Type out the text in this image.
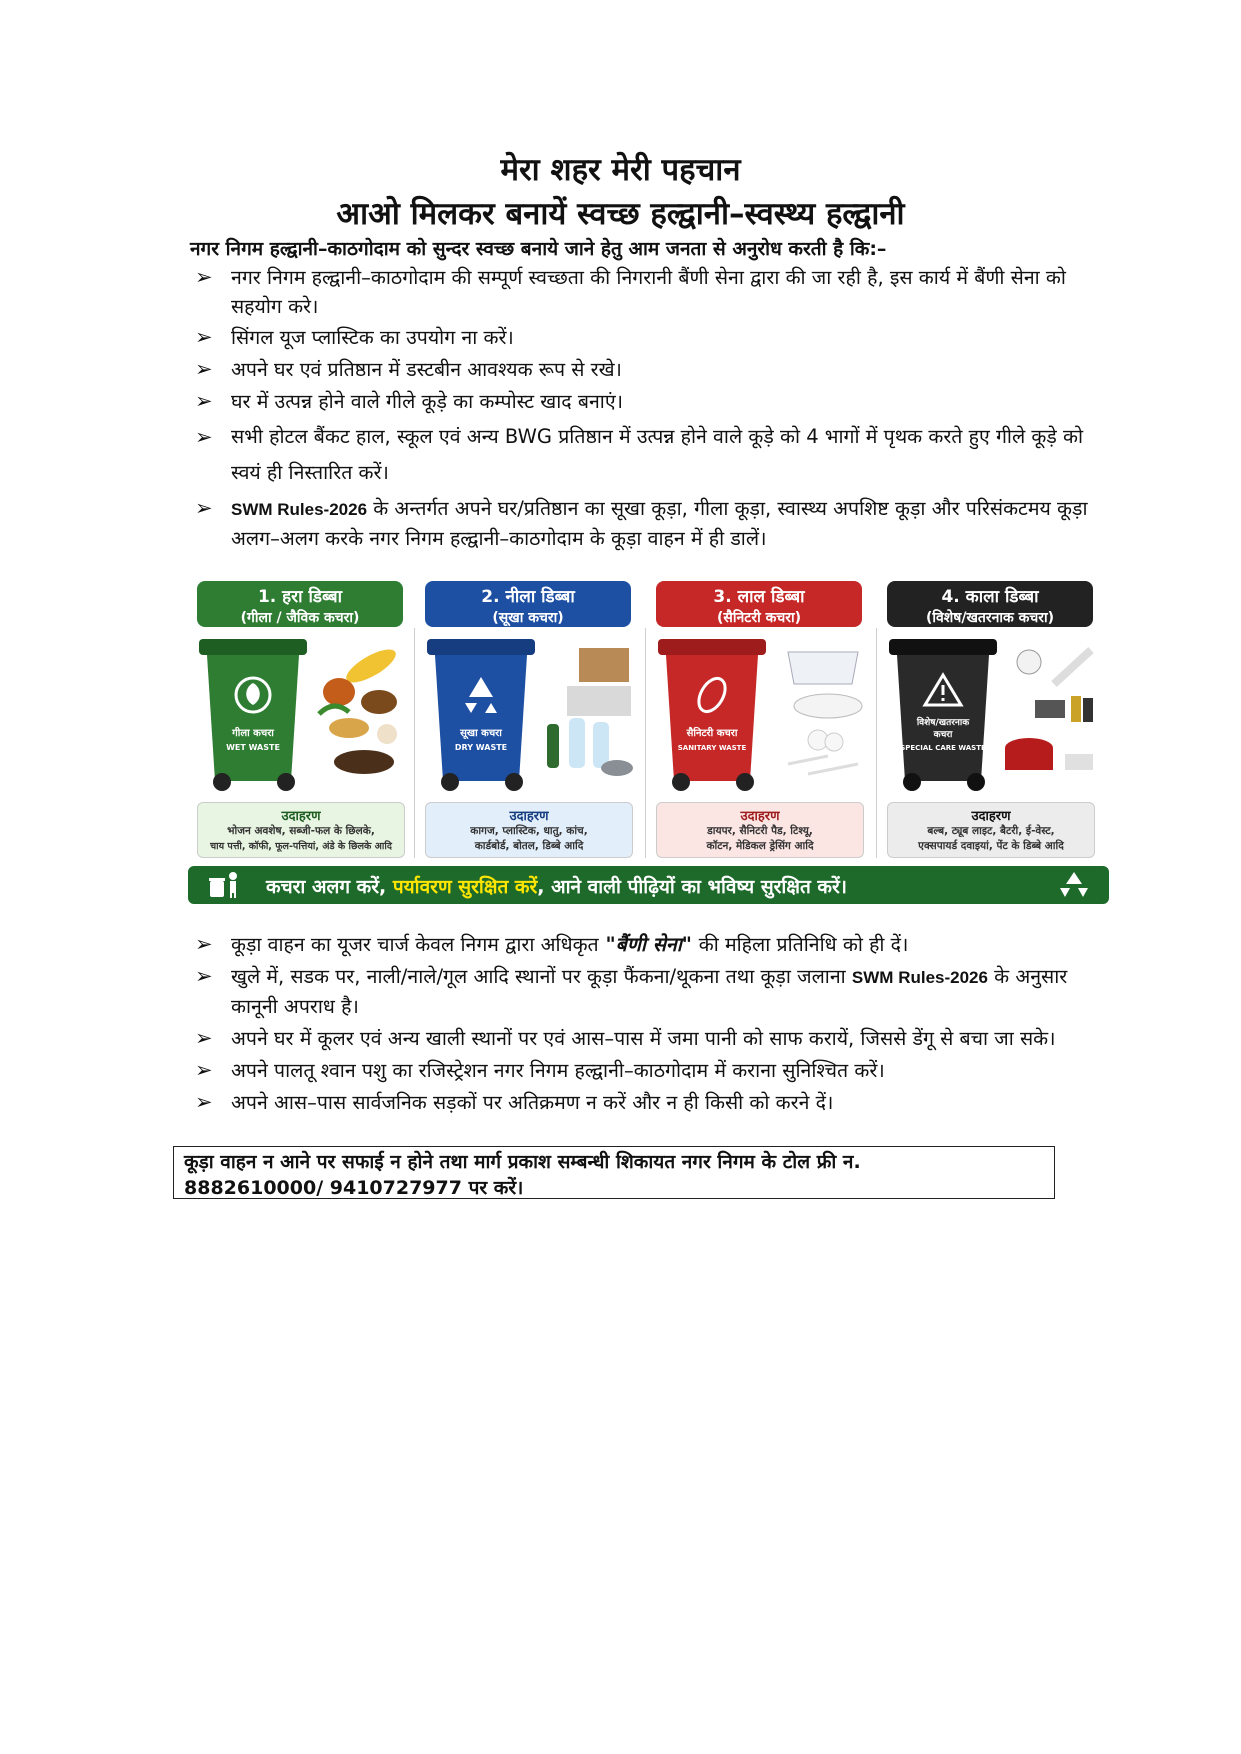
मेरा शहर मेरी पहचान
आओ मिलकर बनायें स्वच्छ हल्द्वानी–स्वस्थ्य हल्द्वानी
नगर निगम हल्द्वानी–काठगोदाम को सुन्दर स्वच्छ बनाये जाने हेतु आम जनता से अनुरोध करती है कि:–
➢ नगर निगम हल्द्वानी–काठगोदाम की सम्पूर्ण स्वच्छता की निगरानी बैंणी सेना द्वारा की जा रही है, इस कार्य में बैंणी सेना को सहयोग करे।
➢ सिंगल यूज प्लास्टिक का उपयोग ना करें।
➢ अपने घर एवं प्रतिष्ठान में डस्टबीन आवश्यक रूप से रखे।
➢ घर में उत्पन्न होने वाले गीले कूड़े का कम्पोस्ट खाद बनाएं।
➢ सभी होटल बैंकट हाल, स्कूल एवं अन्य BWG प्रतिष्ठान में उत्पन्न होने वाले कूड़े को 4 भागों में पृथक करते हुए गीले कूड़े को स्वयं ही निस्तारित करें।
➢ SWM Rules-2026 के अन्तर्गत अपने घर/प्रतिष्ठान का सूखा कूड़ा, गीला कूड़ा, स्वास्थ्य अपशिष्ट कूड़ा और परिसंकटमय कूड़ा अलग–अलग करके नगर निगम हल्द्वानी–काठगोदाम के कूड़ा वाहन में ही डालें।
1. हरा डिब्बा
(गीला / जैविक कचरा)
गीला कचरा
WET WASTE
उदाहरण
भोजन अवशेष, सब्जी-फल के छिलके,
चाय पत्ती, कॉफी, फूल-पत्तियां, अंडे के छिलके आदि
2. नीला डिब्बा
(सूखा कचरा)
सूखा कचरा
DRY WASTE
उदाहरण
कागज, प्लास्टिक, धातु, कांच,
कार्डबोर्ड, बोतल, डिब्बे आदि
3. लाल डिब्बा
(सैनिटरी कचरा)
सैनिटरी कचरा
SANITARY WASTE
उदाहरण
डायपर, सैनिटरी पैड, टिश्यू,
कॉटन, मेडिकल ड्रेसिंग आदि
4. काला डिब्बा
(विशेष/खतरनाक कचरा)
विशेष/खतरनाक
कचरा
SPECIAL CARE WASTE
उदाहरण
बल्ब, ट्यूब लाइट, बैटरी, ई-वेस्ट,
एक्सपायर्ड दवाइयां, पेंट के डिब्बे आदि
कचरा अलग करें, पर्यावरण सुरक्षित करें, आने वाली पीढ़ियों का भविष्य सुरक्षित करें।
➢ कूड़ा वाहन का यूजर चार्ज केवल निगम द्वारा अधिकृत "बैंणी सेना" की महिला प्रतिनिधि को ही दें।
➢ खुले में, सडक पर, नाली/नाले/गूल आदि स्थानों पर कूड़ा फैंकना/थूकना तथा कूड़ा जलाना SWM Rules-2026 के अनुसार कानूनी अपराध है।
➢ अपने घर में कूलर एवं अन्य खाली स्थानों पर एवं आस–पास में जमा पानी को साफ करायें, जिससे डेंगू से बचा जा सके।
➢ अपने पालतू श्वान पशु का रजिस्ट्रेशन नगर निगम हल्द्वानी–काठगोदाम में कराना सुनिश्चित करें।
➢ अपने आस–पास सार्वजनिक सड़कों पर अतिक्रमण न करें और न ही किसी को करने दें।
कूड़ा वाहन न आने पर सफाई न होने तथा मार्ग प्रकाश सम्बन्धी शिकायत नगर निगम के टोल फ्री न.
8882610000/ 9410727977 पर करें।
